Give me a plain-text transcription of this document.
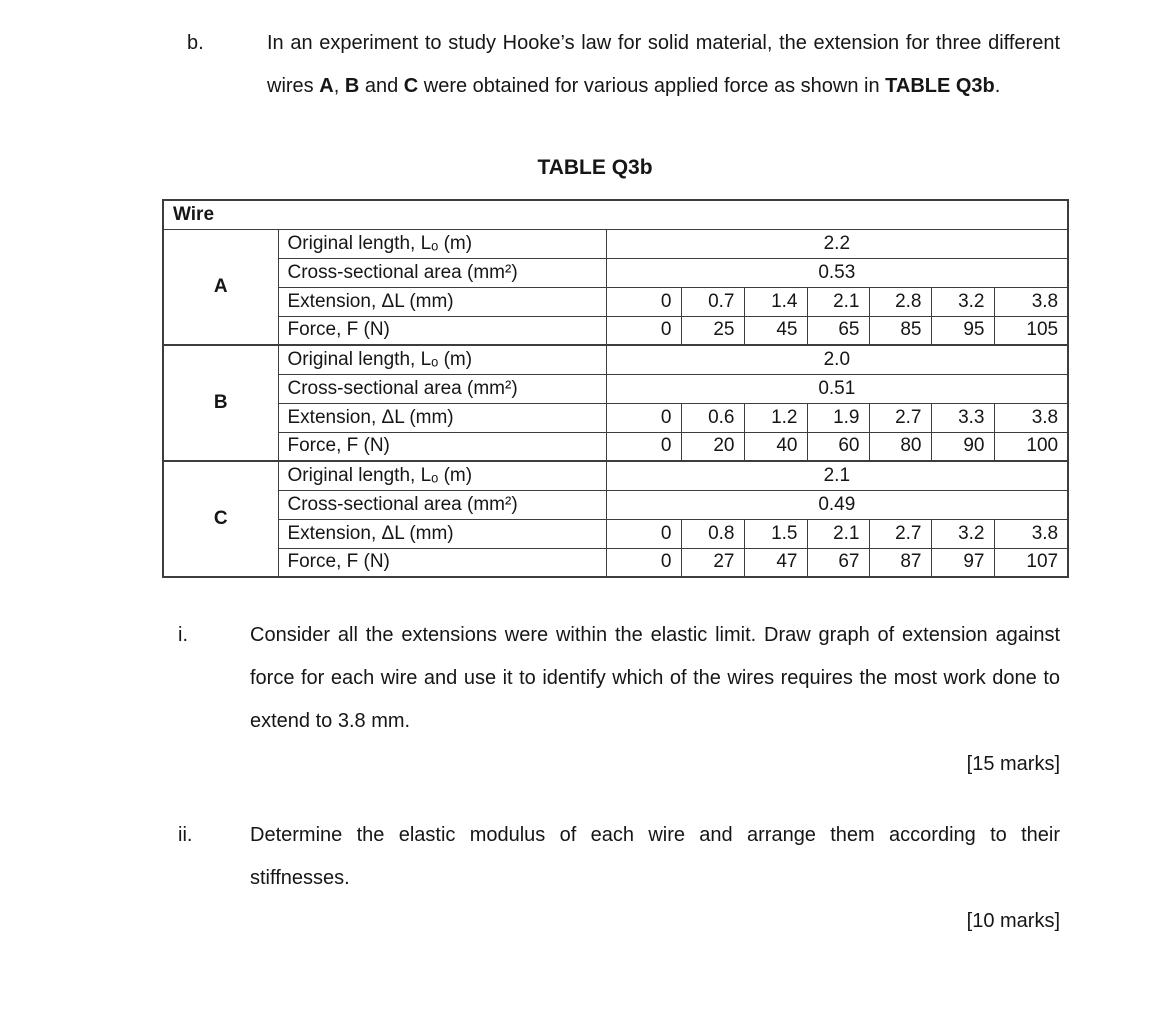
b.	In an experiment to study Hooke’s law for solid material, the extension for three different wires A, B and C were obtained for various applied force as shown in TABLE Q3b.

TABLE Q3b
Wire								
A	Original length, Lₒ (m)	2.2						
	Cross-sectional area (mm²)	0.53						
	Extension, ΔL (mm)	0	0.7	1.4	2.1	2.8	3.2	3.8
	Force, F (N)	0	25	45	65	85	95	105
B	Original length, Lₒ (m)	2.0						
	Cross-sectional area (mm²)	0.51						
	Extension, ΔL (mm)	0	0.6	1.2	1.9	2.7	3.3	3.8
	Force, F (N)	0	20	40	60	80	90	100
C	Original length, Lₒ (m)	2.1						
	Cross-sectional area (mm²)	0.49						
	Extension, ΔL (mm)	0	0.8	1.5	2.1	2.7	3.2	3.8
	Force, F (N)	0	27	47	67	87	97	107
i.	Consider all the extensions were within the elastic limit. Draw graph of extension against force for each wire and use it to identify which of the wires requires the most work done to extend to 3.8 mm.

[15 marks]
ii.	Determine the elastic modulus of each wire and arrange them according to their stiffnesses.

[10 marks]
